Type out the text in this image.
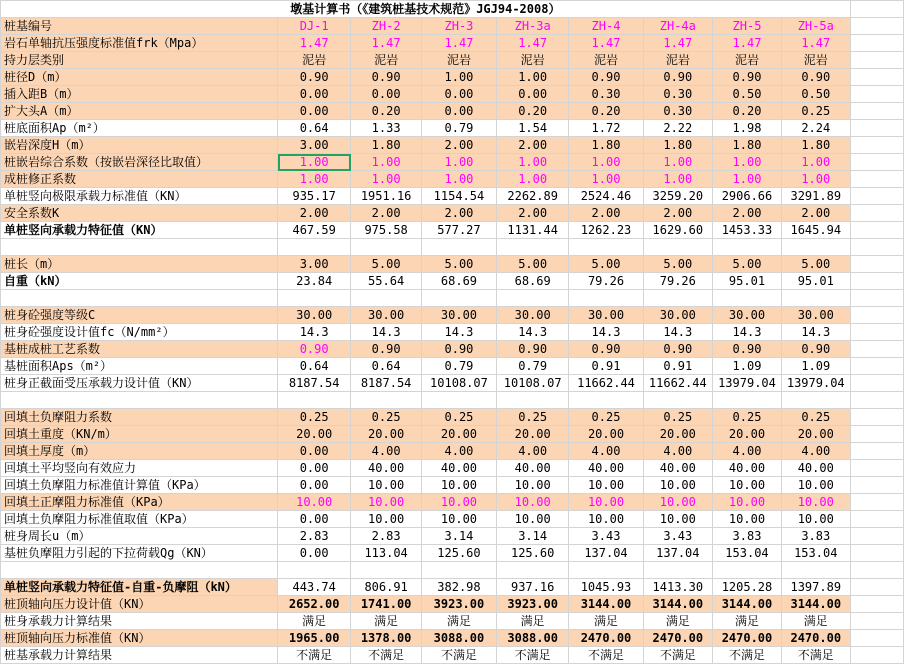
墩基计算书（《建筑桩基技术规范》JGJ94-2008）									
桩基编号	DJ-1	ZH-2	ZH-3	ZH-3a	ZH-4	ZH-4a	ZH-5	ZH-5a	
岩石单轴抗压强度标准值frk（Mpa）	1.47	1.47	1.47	1.47	1.47	1.47	1.47	1.47	
持力层类别	泥岩	泥岩	泥岩	泥岩	泥岩	泥岩	泥岩	泥岩	
桩径D（m）	0.90	0.90	1.00	1.00	0.90	0.90	0.90	0.90	
插入距B（m）	0.00	0.00	0.00	0.00	0.30	0.30	0.50	0.50	
扩大头A（m）	0.00	0.20	0.00	0.20	0.20	0.30	0.20	0.25	
桩底面积Ap（m²）	0.64	1.33	0.79	1.54	1.72	2.22	1.98	2.24	
嵌岩深度H（m）	3.00	1.80	2.00	2.00	1.80	1.80	1.80	1.80	
桩嵌岩综合系数（按嵌岩深径比取值）	1.00	1.00	1.00	1.00	1.00	1.00	1.00	1.00	
成桩修正系数	1.00	1.00	1.00	1.00	1.00	1.00	1.00	1.00	
单桩竖向极限承载力标准值（KN）	935.17	1951.16	1154.54	2262.89	2524.46	3259.20	2906.66	3291.89	
安全系数K	2.00	2.00	2.00	2.00	2.00	2.00	2.00	2.00	
单桩竖向承载力特征值（KN）	467.59	975.58	577.27	1131.44	1262.23	1629.60	1453.33	1645.94	

桩长（m）	3.00	5.00	5.00	5.00	5.00	5.00	5.00	5.00	
自重（kN）	23.84	55.64	68.69	68.69	79.26	79.26	95.01	95.01	

桩身砼强度等级C	30.00	30.00	30.00	30.00	30.00	30.00	30.00	30.00	
桩身砼强度设计值fc（N/mm²）	14.3	14.3	14.3	14.3	14.3	14.3	14.3	14.3	
基桩成桩工艺系数	0.90	0.90	0.90	0.90	0.90	0.90	0.90	0.90	
基桩面积Aps（m²）	0.64	0.64	0.79	0.79	0.91	0.91	1.09	1.09	
桩身正截面受压承载力设计值（KN）	8187.54	8187.54	10108.07	10108.07	11662.44	11662.44	13979.04	13979.04	

回填土负摩阻力系数	0.25	0.25	0.25	0.25	0.25	0.25	0.25	0.25	
回填土重度（KN/m）	20.00	20.00	20.00	20.00	20.00	20.00	20.00	20.00	
回填土厚度（m）	0.00	4.00	4.00	4.00	4.00	4.00	4.00	4.00	
回填土平均竖向有效应力	0.00	40.00	40.00	40.00	40.00	40.00	40.00	40.00	
回填土负摩阻力标准值计算值（KPa）	0.00	10.00	10.00	10.00	10.00	10.00	10.00	10.00	
回填土正摩阻力标准值（KPa）	10.00	10.00	10.00	10.00	10.00	10.00	10.00	10.00	
回填土负摩阻力标准值取值（KPa）	0.00	10.00	10.00	10.00	10.00	10.00	10.00	10.00	
桩身周长u（m）	2.83	2.83	3.14	3.14	3.43	3.43	3.83	3.83	
基桩负摩阻力引起的下拉荷载Qg（KN）	0.00	113.04	125.60	125.60	137.04	137.04	153.04	153.04	

单桩竖向承载力特征值-自重-负摩阻（kN）	443.74	806.91	382.98	937.16	1045.93	1413.30	1205.28	1397.89	
桩顶轴向压力设计值（KN）	2652.00	1741.00	3923.00	3923.00	3144.00	3144.00	3144.00	3144.00	
桩身承载力计算结果	满足	满足	满足	满足	满足	满足	满足	满足	
桩顶轴向压力标准值（KN）	1965.00	1378.00	3088.00	3088.00	2470.00	2470.00	2470.00	2470.00	
桩基承载力计算结果	不满足	不满足	不满足	不满足	不满足	不满足	不满足	不满足	
